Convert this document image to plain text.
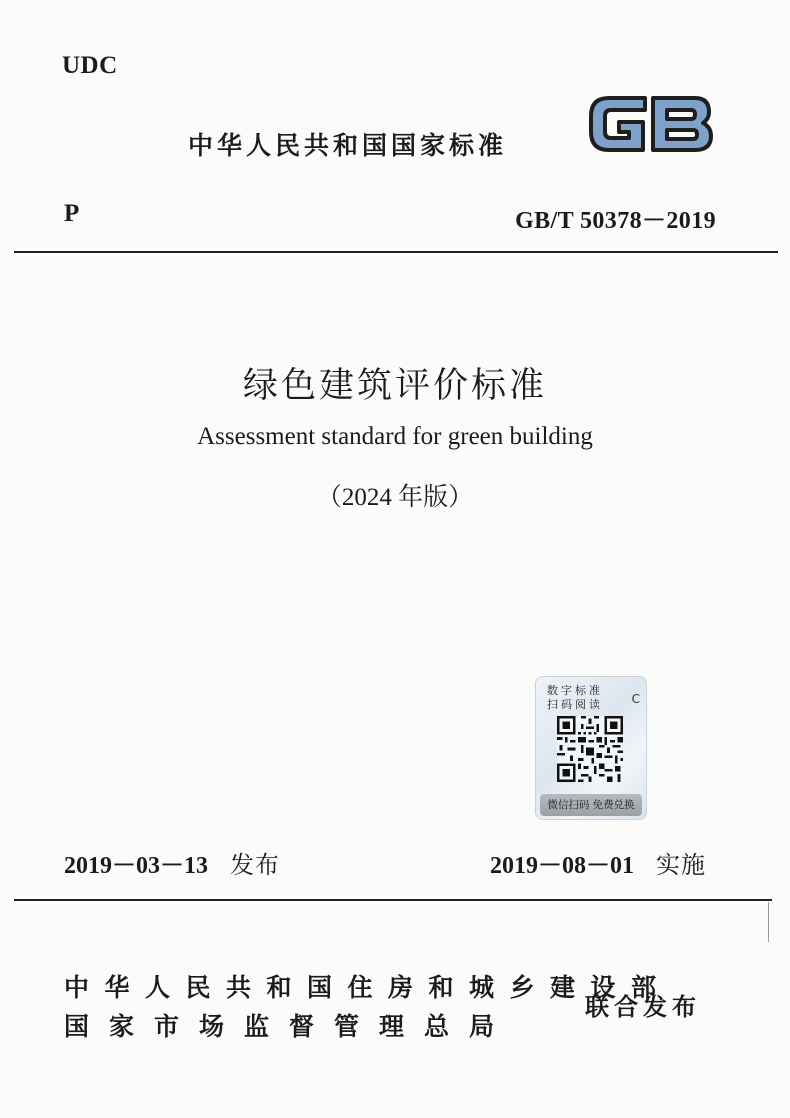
UDC
中华人民共和国国家标准
P	GB/T 50378－2019
绿色建筑评价标准
Assessment standard for green building
（2024 年版）
数字标准
扫码阅读 C
微信扫码 免费兑换
2019－03－13 发布	2019－08－01 实施
中华人民共和国住房和城乡建设部
国家市场监督管理总局
联合发布
